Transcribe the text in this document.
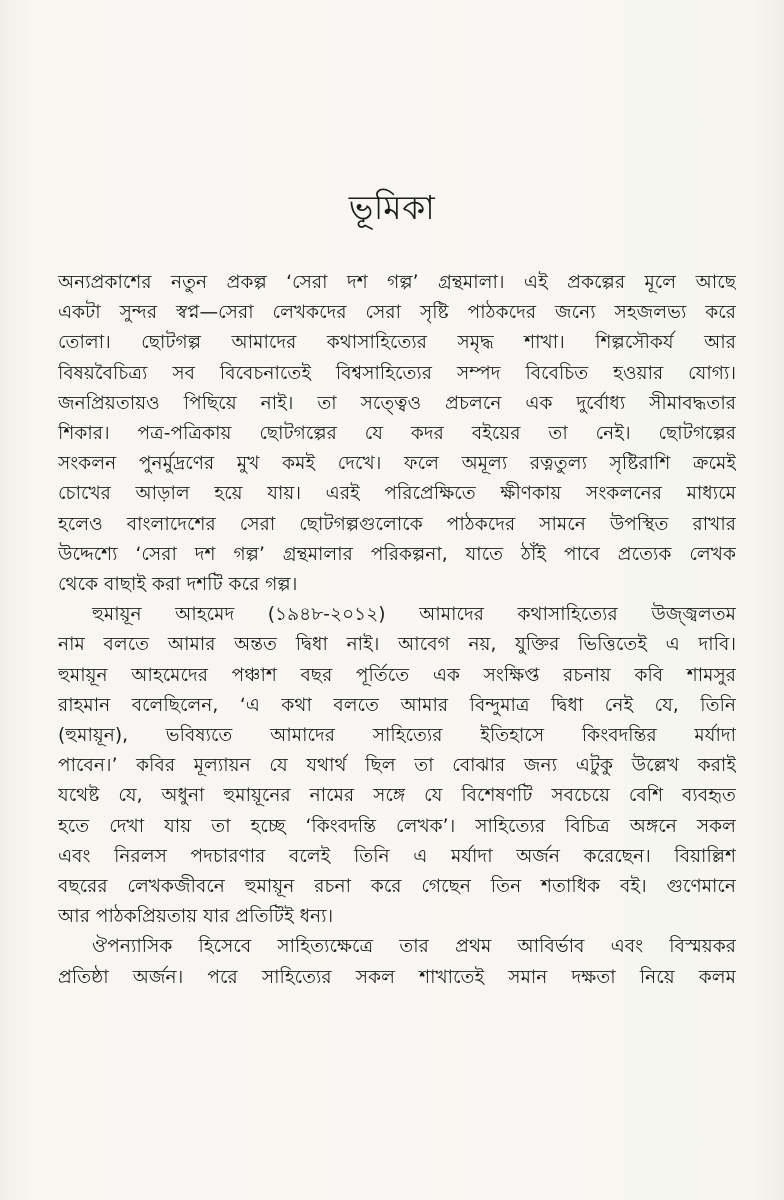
ভূমিকা
অন্যপ্রকাশের নতুন প্রকল্প ‘সেরা দশ গল্প’ গ্রন্থমালা। এই প্রকল্পের মূলে আছে
একটা সুন্দর স্বপ্ন—সেরা লেখকদের সেরা সৃষ্টি পাঠকদের জন্যে সহজলভ্য করে
তোলা। ছোটগল্প আমাদের কথাসাহিত্যের সমৃদ্ধ শাখা। শিল্পসৌকর্য আর
বিষয়বৈচিত্র্য সব বিবেচনাতেই বিশ্বসাহিত্যের সম্পদ বিবেচিত হওয়ার যোগ্য।
জনপ্রিয়তায়ও পিছিয়ে নাই। তা সত্ত্বেও প্রচলনে এক দুর্বোধ্য সীমাবদ্ধতার
শিকার। পত্র-পত্রিকায় ছোটগল্পের যে কদর বইয়ের তা নেই। ছোটগল্পের
সংকলন পুনর্মুদ্রণের মুখ কমই দেখে। ফলে অমূল্য রত্নতুল্য সৃষ্টিরাশি ক্রমেই
চোখের আড়াল হয়ে যায়। এরই পরিপ্রেক্ষিতে ক্ষীণকায় সংকলনের মাধ্যমে
হলেও বাংলাদেশের সেরা ছোটগল্পগুলোকে পাঠকদের সামনে উপস্থিত রাখার
উদ্দেশ্যে ‘সেরা দশ গল্প’ গ্রন্থমালার পরিকল্পনা, যাতে ঠাঁই পাবে প্রত্যেক লেখক
থেকে বাছাই করা দশটি করে গল্প।
হুমায়ূন আহমেদ (১৯৪৮-২০১২) আমাদের কথাসাহিত্যের উজ্জ্বলতম
নাম বলতে আমার অন্তত দ্বিধা নাই। আবেগ নয়, যুক্তির ভিত্তিতেই এ দাবি।
হুমায়ূন আহমেদের পঞ্চাশ বছর পূর্তিতে এক সংক্ষিপ্ত রচনায় কবি শামসুর
রাহমান বলেছিলেন, ‘এ কথা বলতে আমার বিন্দুমাত্র দ্বিধা নেই যে, তিনি
(হুমায়ূন), ভবিষ্যতে আমাদের সাহিত্যের ইতিহাসে কিংবদন্তির মর্যাদা
পাবেন।’ কবির মূল্যায়ন যে যথার্থ ছিল তা বোঝার জন্য এটুকু উল্লেখ করাই
যথেষ্ট যে, অধুনা হুমায়ূনের নামের সঙ্গে যে বিশেষণটি সবচেয়ে বেশি ব্যবহৃত
হতে দেখা যায় তা হচ্ছে ‘কিংবদন্তি লেখক’। সাহিত্যের বিচিত্র অঙ্গনে সকল
এবং নিরলস পদচারণার বলেই তিনি এ মর্যাদা অর্জন করেছেন। বিয়াল্লিশ
বছরের লেখকজীবনে হুমায়ূন রচনা করে গেছেন তিন শতাধিক বই। গুণেমানে
আর পাঠকপ্রিয়তায় যার প্রতিটিই ধন্য।
ঔপন্যাসিক হিসেবে সাহিত্যক্ষেত্রে তার প্রথম আবির্ভাব এবং বিস্ময়কর
প্রতিষ্ঠা অর্জন। পরে সাহিত্যের সকল শাখাতেই সমান দক্ষতা নিয়ে কলম
